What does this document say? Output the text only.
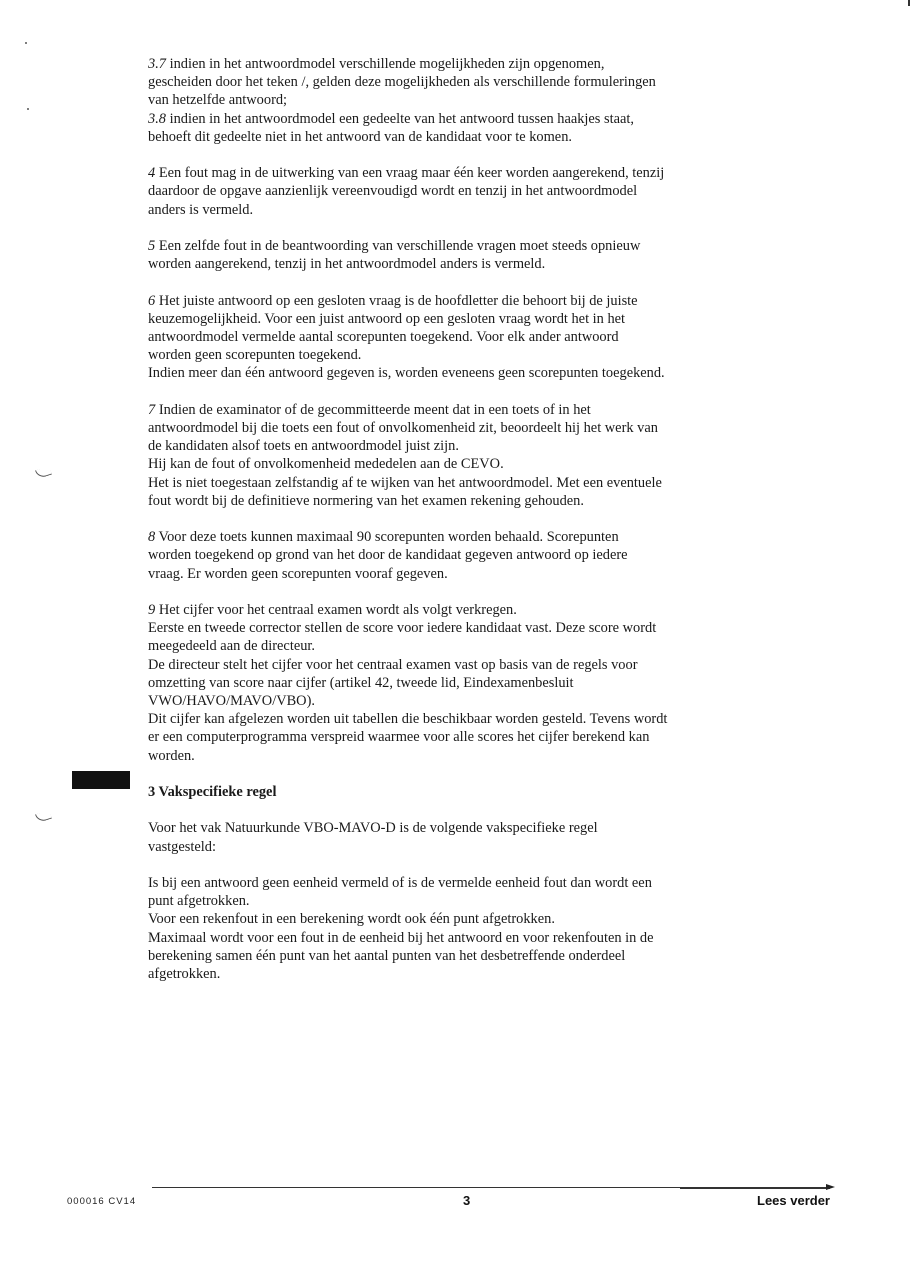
3.7 indien in het antwoordmodel verschillende mogelijkheden zijn opgenomen,
gescheiden door het teken /, gelden deze mogelijkheden als verschillende formuleringen
van hetzelfde antwoord;
3.8 indien in het antwoordmodel een gedeelte van het antwoord tussen haakjes staat,
behoeft dit gedeelte niet in het antwoord van de kandidaat voor te komen.
4 Een fout mag in de uitwerking van een vraag maar één keer worden aangerekend, tenzij
daardoor de opgave aanzienlijk vereenvoudigd wordt en tenzij in het antwoordmodel
anders is vermeld.
5 Een zelfde fout in de beantwoording van verschillende vragen moet steeds opnieuw
worden aangerekend, tenzij in het antwoordmodel anders is vermeld.
6 Het juiste antwoord op een gesloten vraag is de hoofdletter die behoort bij de juiste
keuzemogelijkheid. Voor een juist antwoord op een gesloten vraag wordt het in het
antwoordmodel vermelde aantal scorepunten toegekend. Voor elk ander antwoord
worden geen scorepunten toegekend.
Indien meer dan één antwoord gegeven is, worden eveneens geen scorepunten toegekend.
7 Indien de examinator of de gecommitteerde meent dat in een toets of in het
antwoordmodel bij die toets een fout of onvolkomenheid zit, beoordeelt hij het werk van
de kandidaten alsof toets en antwoordmodel juist zijn.
Hij kan de fout of onvolkomenheid mededelen aan de CEVO.
Het is niet toegestaan zelfstandig af te wijken van het antwoordmodel. Met een eventuele
fout wordt bij de definitieve normering van het examen rekening gehouden.
8 Voor deze toets kunnen maximaal 90 scorepunten worden behaald. Scorepunten
worden toegekend op grond van het door de kandidaat gegeven antwoord op iedere
vraag. Er worden geen scorepunten vooraf gegeven.
9 Het cijfer voor het centraal examen wordt als volgt verkregen.
Eerste en tweede corrector stellen de score voor iedere kandidaat vast. Deze score wordt
meegedeeld aan de directeur.
De directeur stelt het cijfer voor het centraal examen vast op basis van de regels voor
omzetting van score naar cijfer (artikel 42, tweede lid, Eindexamenbesluit
VWO/HAVO/MAVO/VBO).
Dit cijfer kan afgelezen worden uit tabellen die beschikbaar worden gesteld. Tevens wordt
er een computerprogramma verspreid waarmee voor alle scores het cijfer berekend kan
worden.
3 Vakspecifieke regel
Voor het vak Natuurkunde VBO-MAVO-D is de volgende vakspecifieke regel
vastgesteld:
Is bij een antwoord geen eenheid vermeld of is de vermelde eenheid fout dan wordt een
punt afgetrokken.
Voor een rekenfout in een berekening wordt ook één punt afgetrokken.
Maximaal wordt voor een fout in de eenheid bij het antwoord en voor rekenfouten in de
berekening samen één punt van het aantal punten van het desbetreffende onderdeel
afgetrokken.
000016 CV14	3	Lees verder
